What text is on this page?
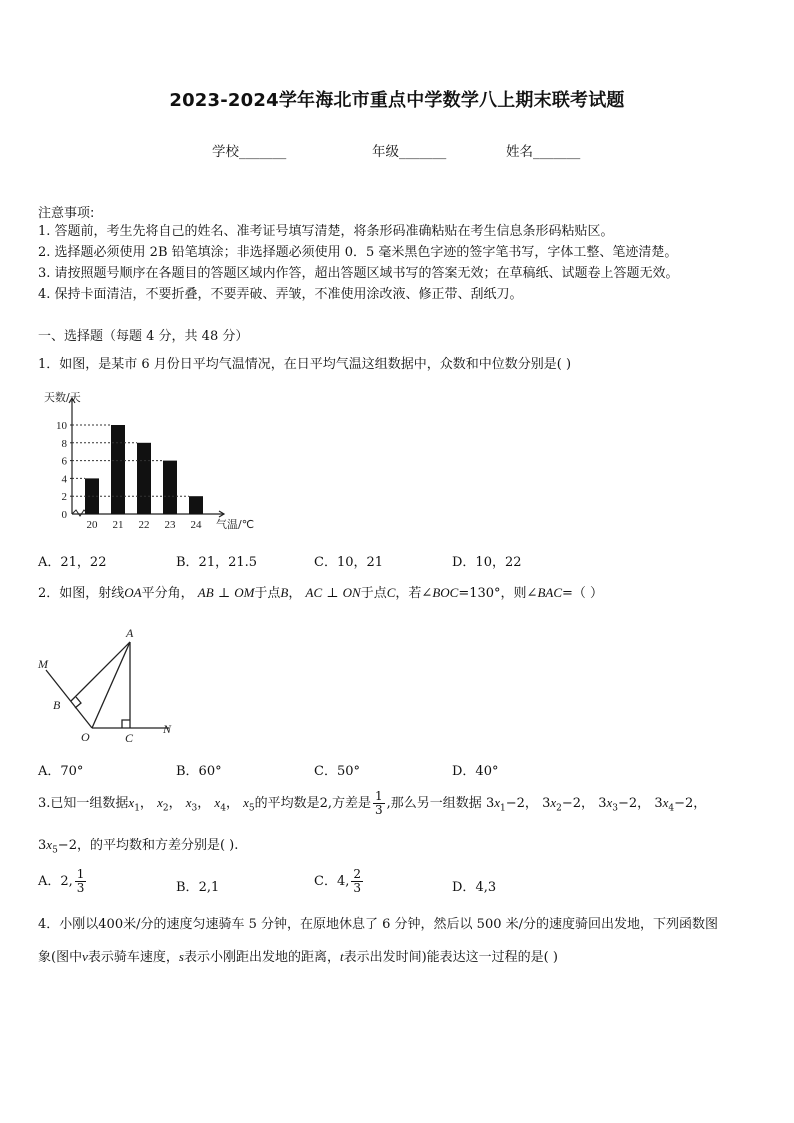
2023-2024学年海北市重点中学数学八上期末联考试题
学校_______	年级_______	姓名_______
注意事项:
1. 答题前，考生先将自己的姓名、准考证号填写清楚，将条形码准确粘贴在考生信息条形码粘贴区。
2. 选择题必须使用 2B 铅笔填涂；非选择题必须使用 0．5 毫米黑色字迹的签字笔书写，字体工整、笔迹清楚。
3. 请按照题号顺序在各题目的答题区域内作答，超出答题区域书写的答案无效；在草稿纸、试题卷上答题无效。
4. 保持卡面清洁，不要折叠，不要弄破、弄皱，不准使用涂改液、修正带、刮纸刀。
一、选择题（每题 4 分，共 48 分）
1．如图，是某市 6 月份日平均气温情况，在日平均气温这组数据中，众数和中位数分别是( )
0
2
4
6
8
10
20 21 22 23 24
天数/天
气温/℃
A．21，22	B．21，21.5	C．10，21	D．10，22
2．如图，射线OA平分角， AB ⊥ OM于点B， AC ⊥ ON于点C，若∠BOC=130°，则∠BAC=（ ）
A
M
B
O	C
N
A．70°	B．60°	C．50°	D．40°
3.已知一组数据$x_1$， $x_2$， $x_3$， $x_4$， $x_5$的平均数是2,方差是 $\frac{1}{3}$ ,那么另一组数据 $3x_1-2$， $3x_2-2$， $3x_3-2$， $3x_4-2$，
$3x_5-2$，的平均数和方差分别是( ).
A．2, $\frac{1}{3}$	B．2,1	C．4, $\frac{2}{3}$	D．4,3
4．小刚以400米/分的速度匀速骑车 5 分钟，在原地休息了 6 分钟，然后以 500 米/分的速度骑回出发地，下列函数图
象(图中v表示骑车速度，s表示小刚距出发地的距离，t表示出发时间)能表达这一过程的是( )
